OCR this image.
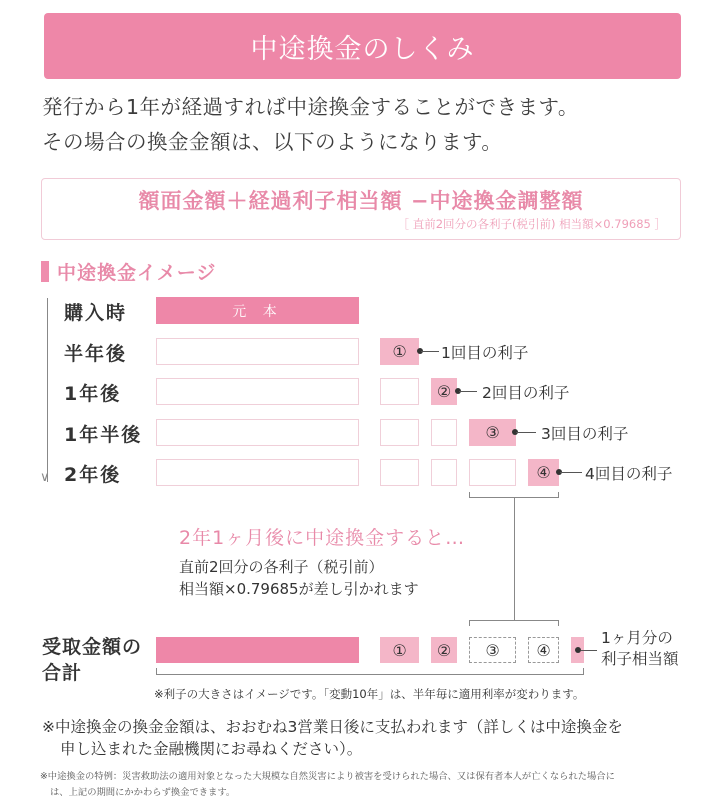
中途換金のしくみ
発行から1年が経過すれば中途換金することができます。
その場合の換金金額は、以下のようになります。
額面金額＋経過利子相当額 −中途換金調整額
［ 直前2回分の各利子(税引前) 相当額×0.79685 ］
中途換金イメージ
∨
購入時
半年後
1年後
1年半後
2年後
元 本
①	1回目の利子
②	2回目の利子
③	3回目の利子
④	4回目の利子
2年1ヶ月後に中途換金すると…
直前2回分の各利子（税引前）
相当額×0.79685が差し引かれます
受取金額の
合計
①	②	③	④
1ヶ月分の
利子相当額
※利子の大きさはイメージです。「変動10年」は、半年毎に適用利率が変わります。
※中途換金の換金金額は、おおむね3営業日後に支払われます（詳しくは中途換金を
申し込まれた金融機関にお尋ねください）。
※中途換金の特例：災害救助法の適用対象となった大規模な自然災害により被害を受けられた場合、又は保有者本人が亡くなられた場合に
は、上記の期間にかかわらず換金できます。
